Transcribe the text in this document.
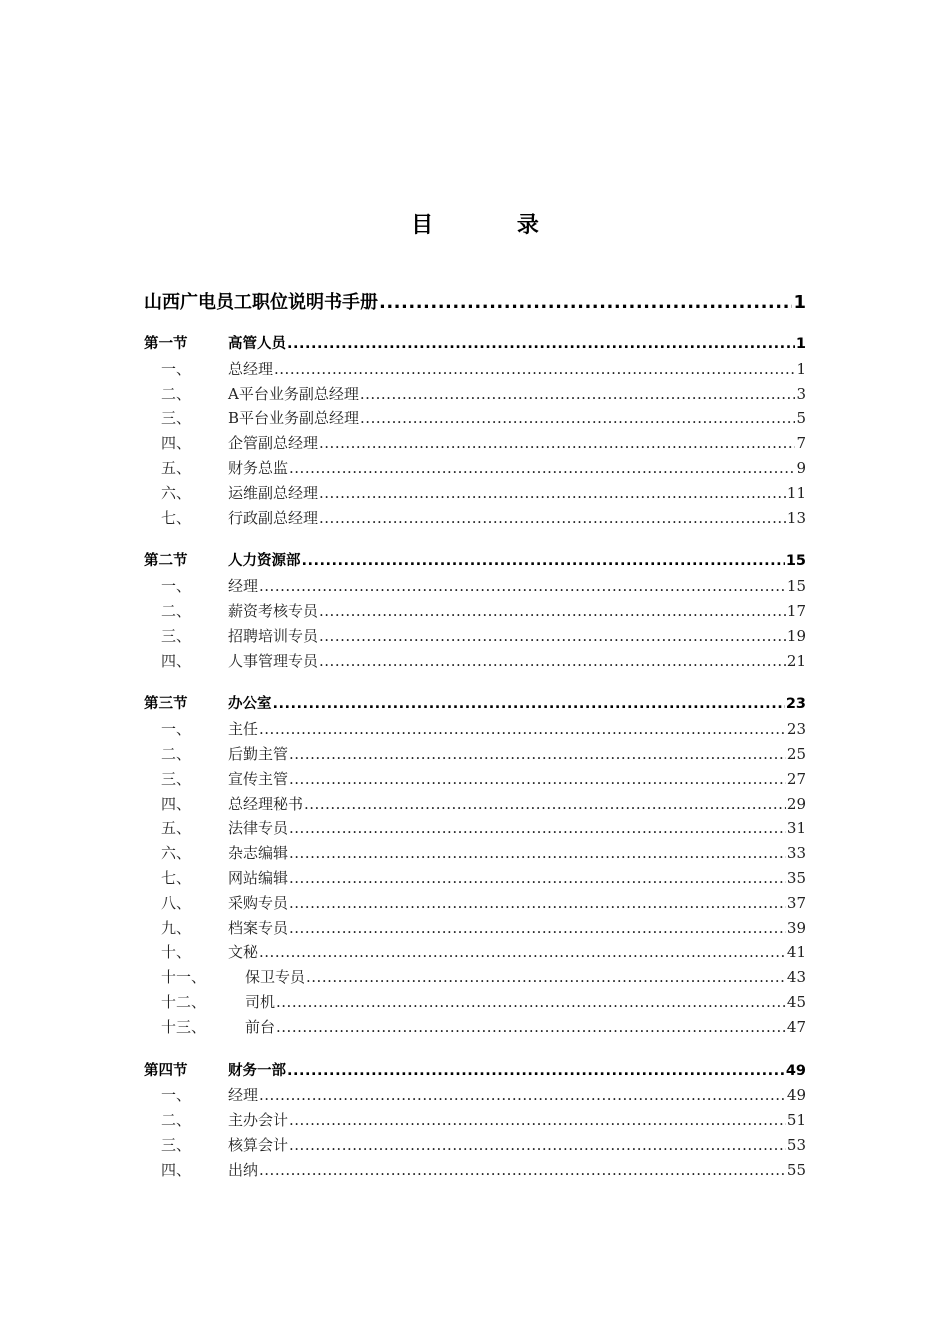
目 录
山西广电员工职位说明书手册 .....	1
第一节	高管人员 .....	1
一、	总经理 .....	1
二、	A平台业务副总经理 .....	3
三、	B平台业务副总经理 .....	5
四、	企管副总经理 .....	7
五、	财务总监 .....	9
六、	运维副总经理 .....	11
七、	行政副总经理 .....	13
第二节	人力资源部 .....	15
一、	经理 .....	15
二、	薪资考核专员 .....	17
三、	招聘培训专员 .....	19
四、	人事管理专员 .....	21
第三节	办公室 .....	23
一、	主任 .....	23
二、	后勤主管 .....	25
三、	宣传主管 .....	27
四、	总经理秘书 .....	29
五、	法律专员 .....	31
六、	杂志编辑 .....	33
七、	网站编辑 .....	35
八、	采购专员 .....	37
九、	档案专员 .....	39
十、	文秘 .....	41
十一、	保卫专员 .....	43
十二、	司机 .....	45
十三、	前台 .....	47
第四节	财务一部 .....	49
一、	经理 .....	49
二、	主办会计 .....	51
三、	核算会计 .....	53
四、	出纳 .....	55
